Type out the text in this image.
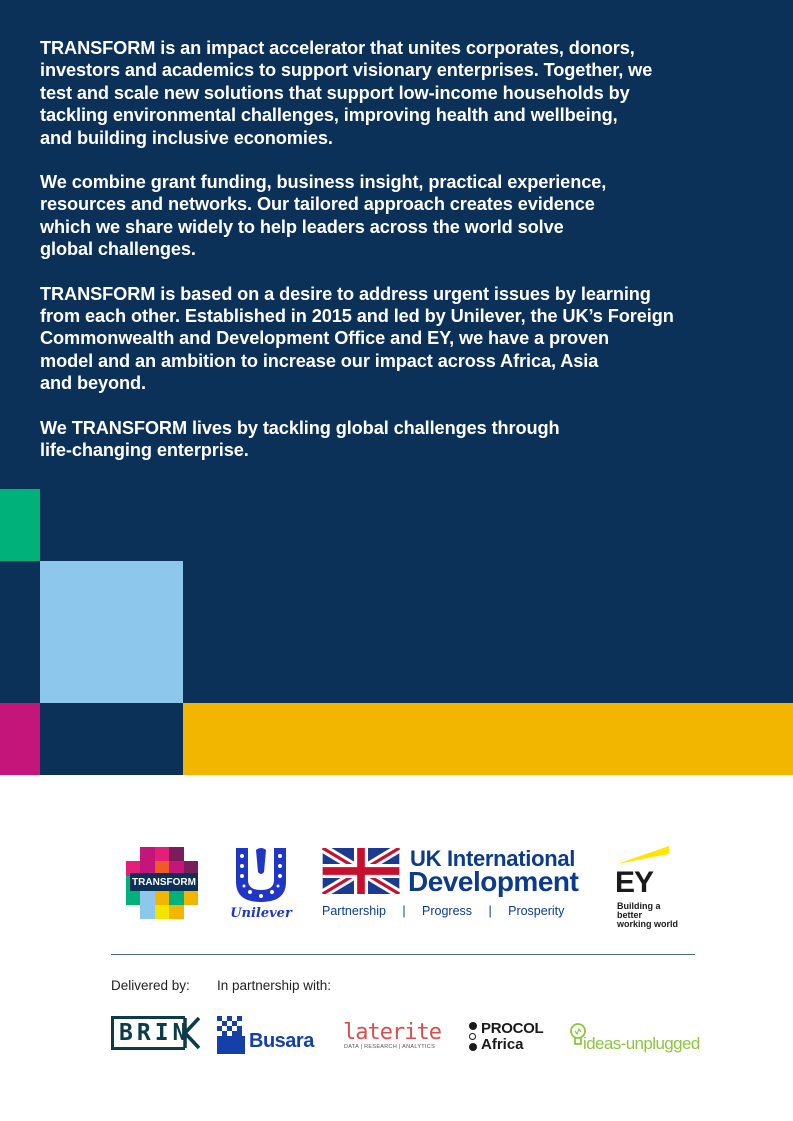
TRANSFORM is an impact accelerator that unites corporates, donors,
investors and academics to support visionary enterprises. Together, we
test and scale new solutions that support low-income households by
tackling environmental challenges, improving health and wellbeing,
and building inclusive economies.

We combine grant funding, business insight, practical experience,
resources and networks. Our tailored approach creates evidence
which we share widely to help leaders across the world solve
global challenges.

TRANSFORM is based on a desire to address urgent issues by learning
from each other. Established in 2015 and led by Unilever, the UK’s Foreign
Commonwealth and Development Office and EY, we have a proven
model and an ambition to increase our impact across Africa, Asia
and beyond.

We TRANSFORM lives by tackling global challenges through
life-changing enterprise.

TRANSFORM
Unilever
UK International
Development
Partnership   |   Progress   |   Prosperity
EY
Building a better
working world
Delivered by: In partnership with:
BRIN	Busara laterite
DATA | RESEARCH | ANALYTICS
PROCOL
Africa	ideas-unplugged
